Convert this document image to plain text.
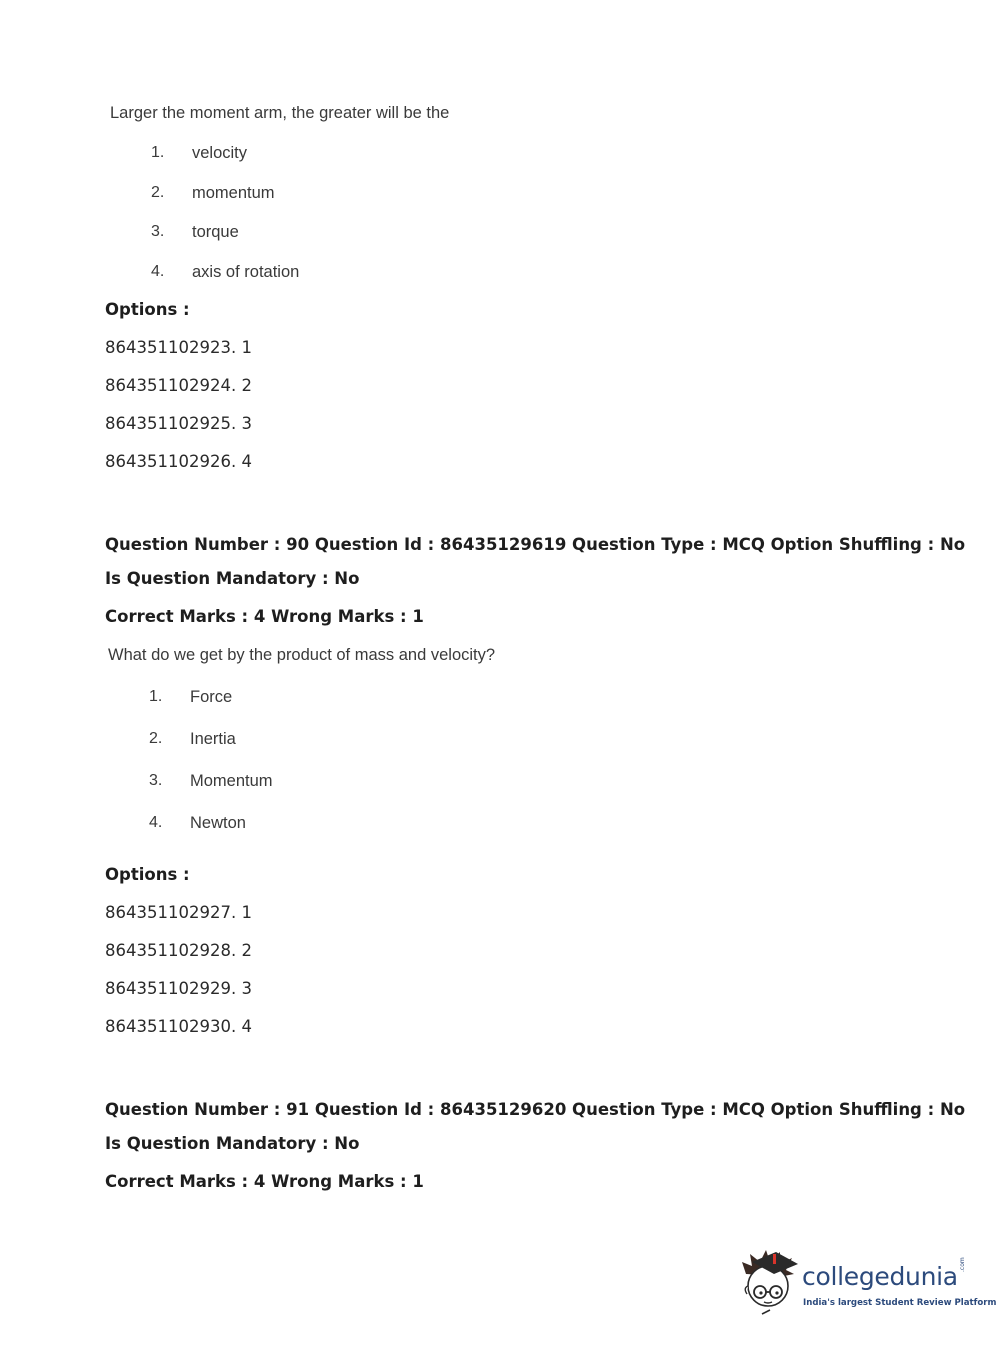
Larger the moment arm, the greater will be the
1. velocity
2. momentum
3. torque
4. axis of rotation
Options :
864351102923. 1
864351102924. 2
864351102925. 3
864351102926. 4
Question Number : 90 Question Id : 86435129619 Question Type : MCQ Option Shuffling : No
Is Question Mandatory : No
Correct Marks : 4 Wrong Marks : 1
What do we get by the product of mass and velocity?
1. Force
2. Inertia
3. Momentum
4. Newton
Options :
864351102927. 1
864351102928. 2
864351102929. 3
864351102930. 4
Question Number : 91 Question Id : 86435129620 Question Type : MCQ Option Shuffling : No
Is Question Mandatory : No
Correct Marks : 4 Wrong Marks : 1
collegedunia .com
India's largest Student Review Platform
